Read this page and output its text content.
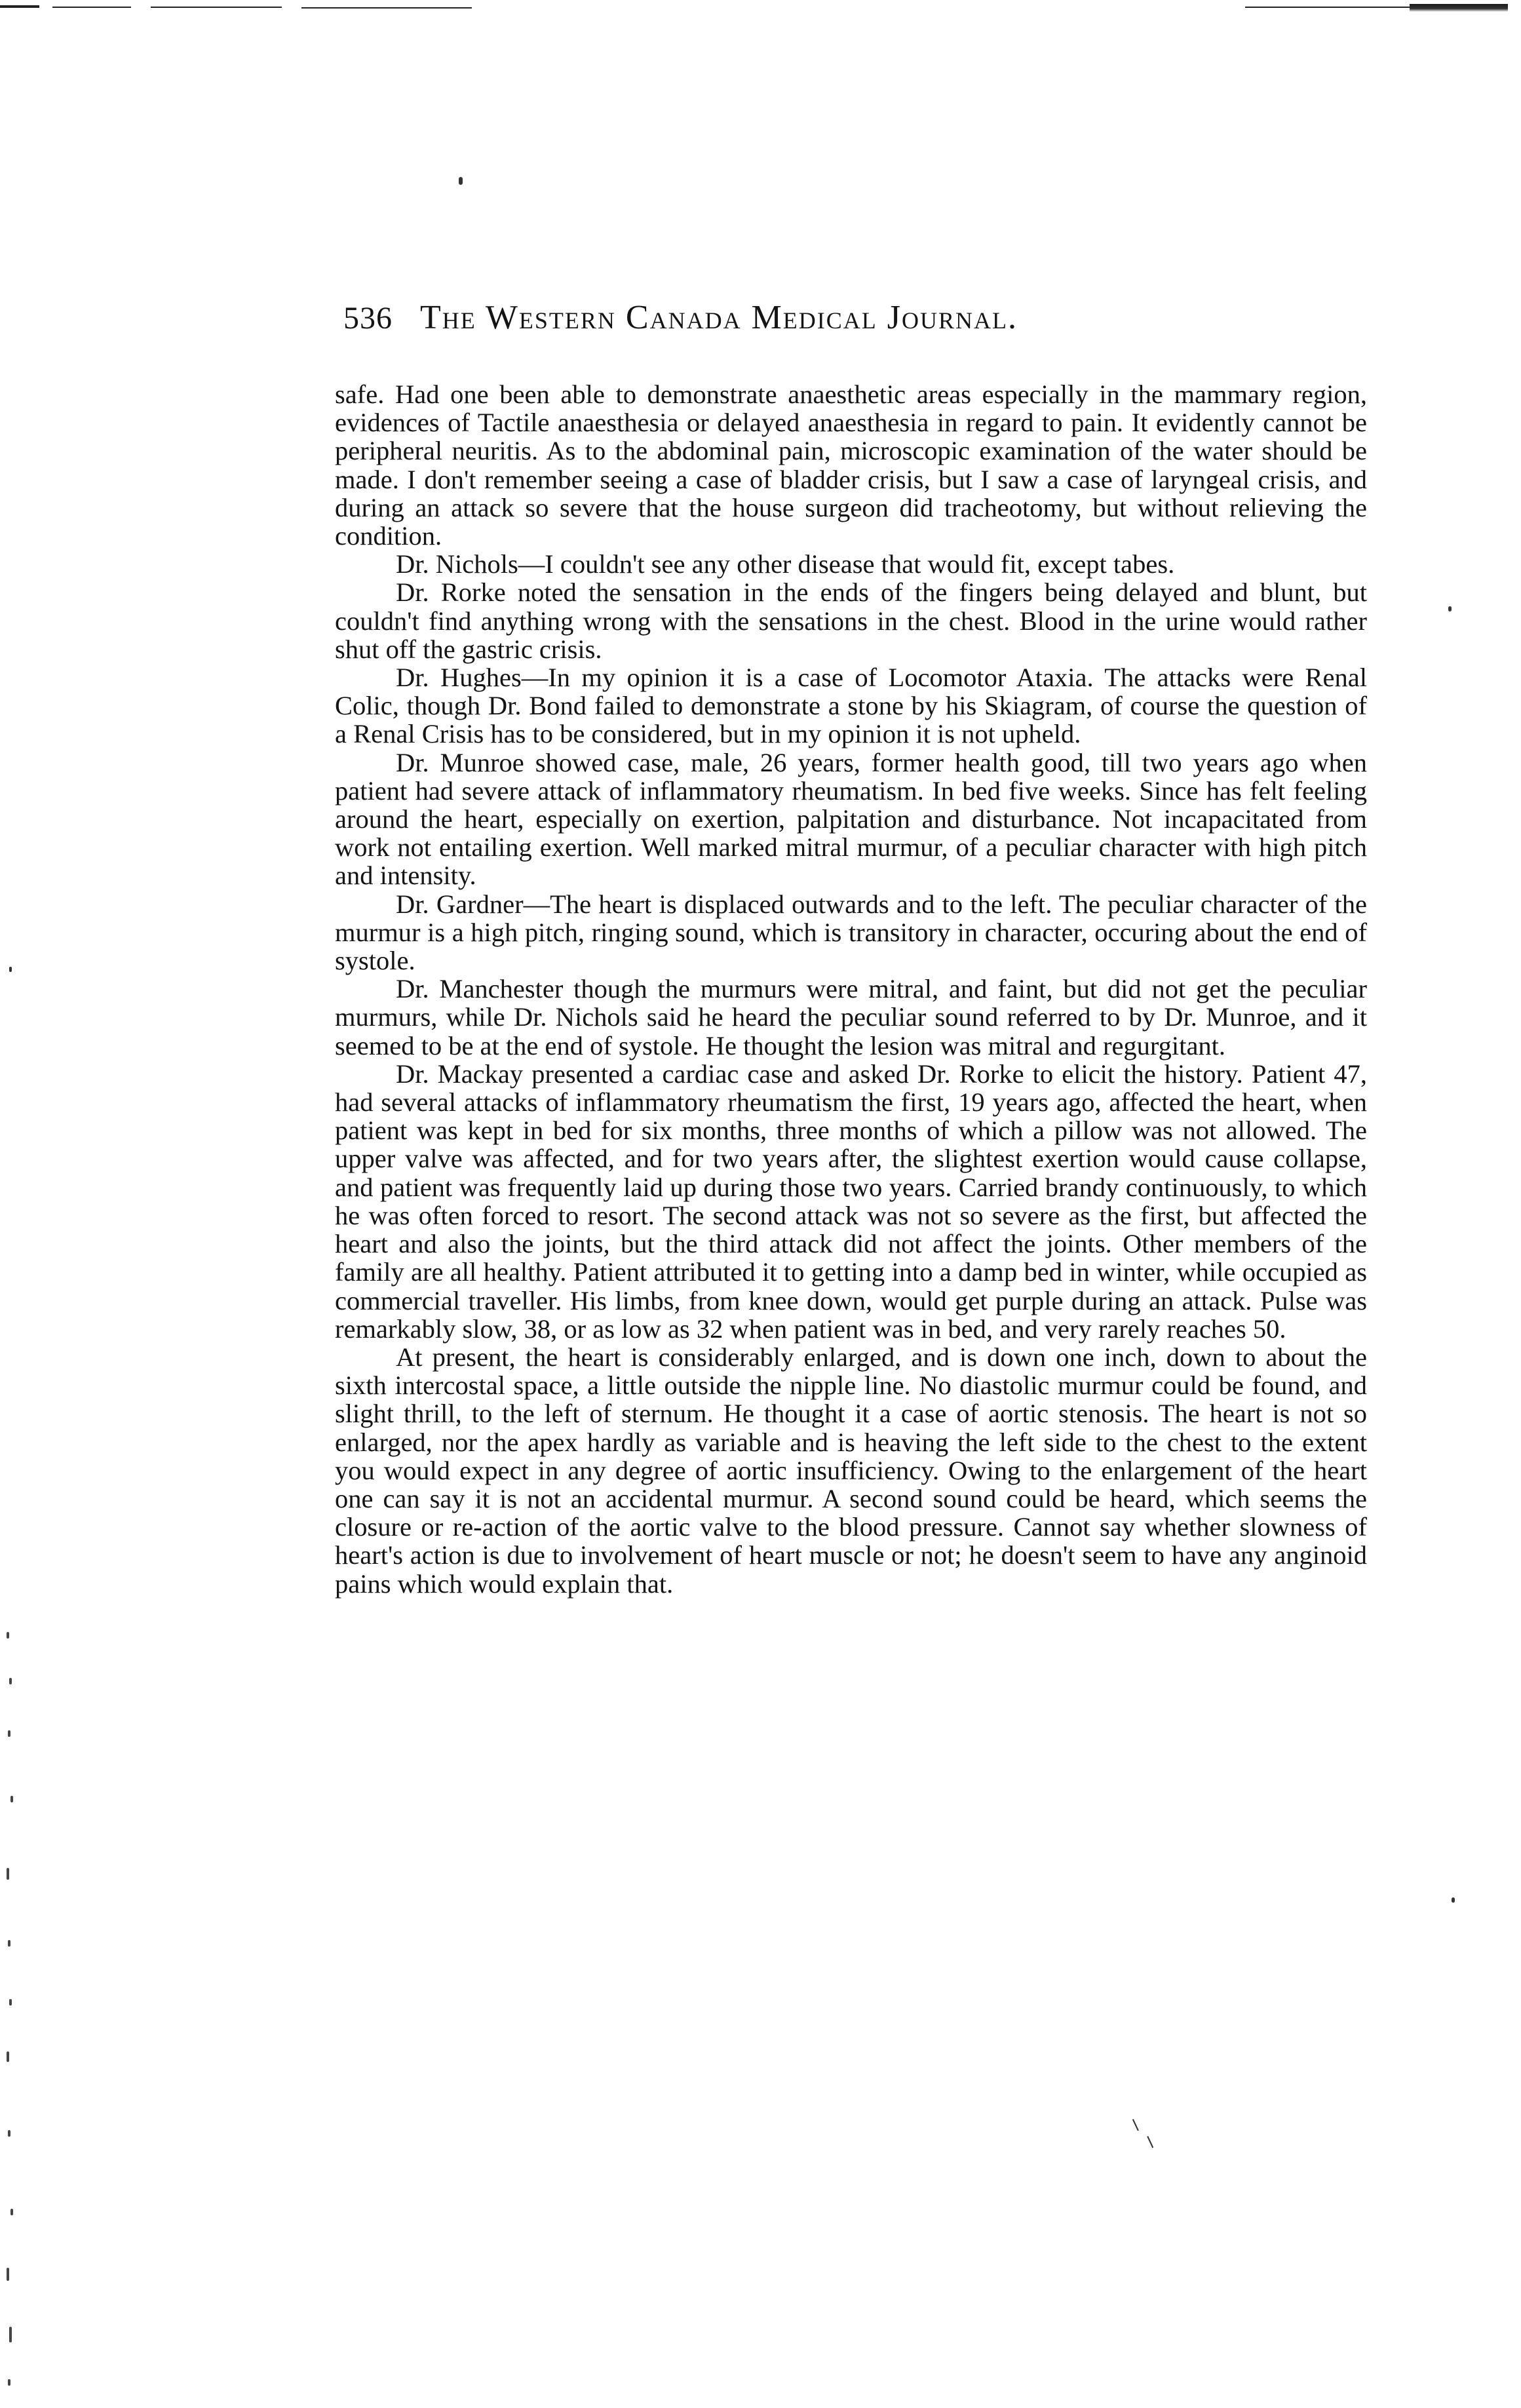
536 The Western Canada Medical Journal.

safe. Had one been able to demonstrate anaesthetic areas especially in the mammary region, evidences of Tactile anaesthesia or delayed anaesthesia in regard to pain. It evidently cannot be peripheral neuritis. As to the abdominal pain, microscopic examination of the water should be made. I don't remember seeing a case of bladder crisis, but I saw a case of laryngeal crisis, and during an attack so severe that the house surgeon did tracheotomy, but without relieving the condition.

Dr. Nichols—I couldn't see any other disease that would fit, except tabes.

Dr. Rorke noted the sensation in the ends of the fingers being delayed and blunt, but couldn't find anything wrong with the sensations in the chest. Blood in the urine would rather shut off the gastric crisis.

Dr. Hughes—In my opinion it is a case of Locomotor Ataxia. The attacks were Renal Colic, though Dr. Bond failed to demonstrate a stone by his Skiagram, of course the question of a Renal Crisis has to be considered, but in my opinion it is not upheld.

Dr. Munroe showed case, male, 26 years, former health good, till two years ago when patient had severe attack of inflammatory rheumatism. In bed five weeks. Since has felt feeling around the heart, especially on exertion, palpitation and disturbance. Not incapacitated from work not entailing exertion. Well marked mitral murmur, of a peculiar character with high pitch and intensity.

Dr. Gardner—The heart is displaced outwards and to the left. The peculiar character of the murmur is a high pitch, ringing sound, which is transitory in character, occuring about the end of systole.

Dr. Manchester though the murmurs were mitral, and faint, but did not get the peculiar murmurs, while Dr. Nichols said he heard the peculiar sound referred to by Dr. Munroe, and it seemed to be at the end of systole. He thought the lesion was mitral and regurgitant.

Dr. Mackay presented a cardiac case and asked Dr. Rorke to elicit the history. Patient 47, had several attacks of inflammatory rheumatism the first, 19 years ago, affected the heart, when patient was kept in bed for six months, three months of which a pillow was not allowed. The upper valve was affected, and for two years after, the slightest exertion would cause collapse, and patient was frequently laid up during those two years. Carried brandy continuously, to which he was often forced to resort. The second attack was not so severe as the first, but affected the heart and also the joints, but the third attack did not affect the joints. Other members of the family are all healthy. Patient attributed it to getting into a damp bed in winter, while occupied as commercial traveller. His limbs, from knee down, would get purple during an attack. Pulse was remarkably slow, 38, or as low as 32 when patient was in bed, and very rarely reaches 50.

At present, the heart is considerably enlarged, and is down one inch, down to about the sixth intercostal space, a little outside the nipple line. No diastolic murmur could be found, and slight thrill, to the left of sternum. He thought it a case of aortic stenosis. The heart is not so enlarged, nor the apex hardly as variable and is heaving the left side to the chest to the extent you would expect in any degree of aortic insufficiency. Owing to the enlargement of the heart one can say it is not an accidental murmur. A second sound could be heard, which seems the closure or re-action of the aortic valve to the blood pressure. Cannot say whether slowness of heart's action is due to involvement of heart muscle or not; he doesn't seem to have any anginoid pains which would explain that.

⸌ ⸜
